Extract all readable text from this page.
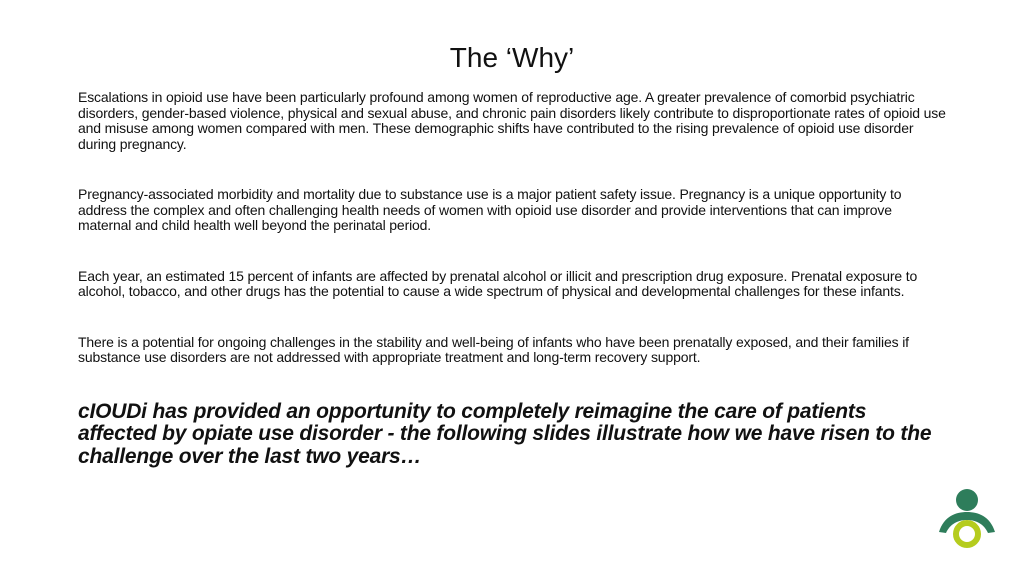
The ‘Why’

Escalations in opioid use have been particularly profound among women of reproductive age. A greater prevalence of comorbid psychiatric disorders, gender-based violence, physical and sexual abuse, and chronic pain disorders likely contribute to disproportionate rates of opioid use and misuse among women compared with men. These demographic shifts have contributed to the rising prevalence of opioid use disorder during pregnancy.

Pregnancy-associated morbidity and mortality due to substance use is a major patient safety issue. Pregnancy is a unique opportunity to address the complex and often challenging health needs of women with opioid use disorder and provide interventions that can improve maternal and child health well beyond the perinatal period.

Each year, an estimated 15 percent of infants are affected by prenatal alcohol or illicit and prescription drug exposure. Prenatal exposure to alcohol, tobacco, and other drugs has the potential to cause a wide spectrum of physical and developmental challenges for these infants.

There is a potential for ongoing challenges in the stability and well-being of infants who have been prenatally exposed, and their families if substance use disorders are not addressed with appropriate treatment and long-term recovery support.

cIOUDi has provided an opportunity to completely reimagine the care of patients affected by opiate use disorder - the following slides illustrate how we have risen to the challenge over the last two years…
